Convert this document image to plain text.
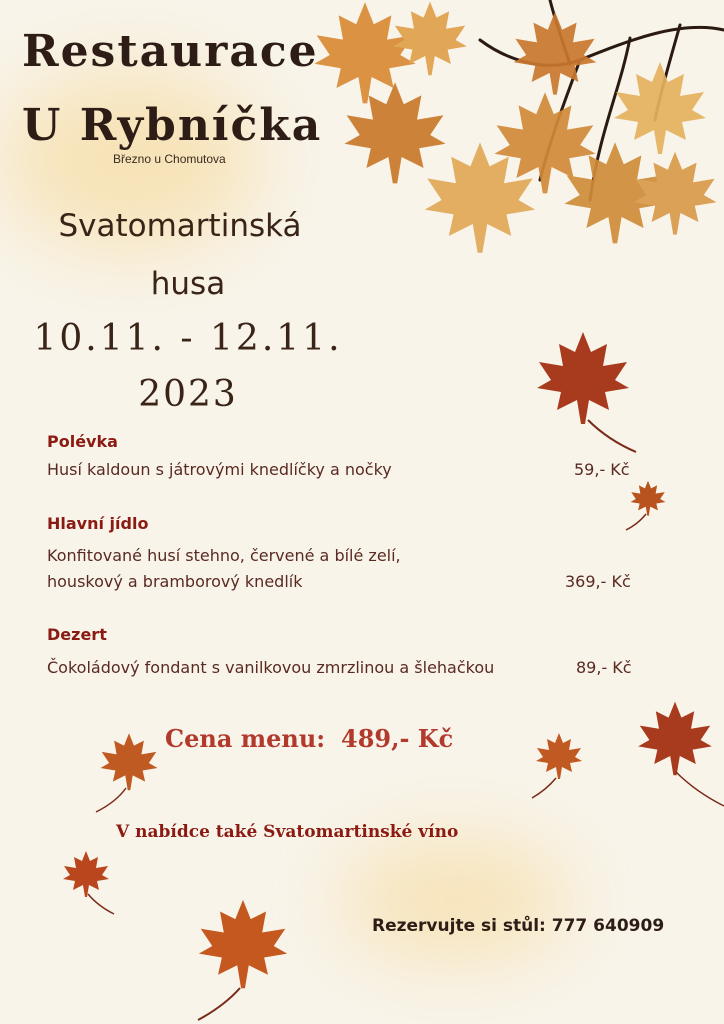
Restaurace
U Rybníčka
Březno u Chomutova
Svatomartinská
husa
10.11. - 12.11.
2023
Polévka
Husí kaldoun s játrovými knedlíčky a nočky	59,- Kč
Hlavní jídlo
Konfitované husí stehno, červené a bílé zelí,
houskový a bramborový knedlík	369,- Kč
Dezert
Čokoládový fondant s vanilkovou zmrzlinou a šlehačkou	89,- Kč
Cena menu: 489,- Kč
V nabídce také Svatomartinské víno
Rezervujte si stůl: 777 640909
